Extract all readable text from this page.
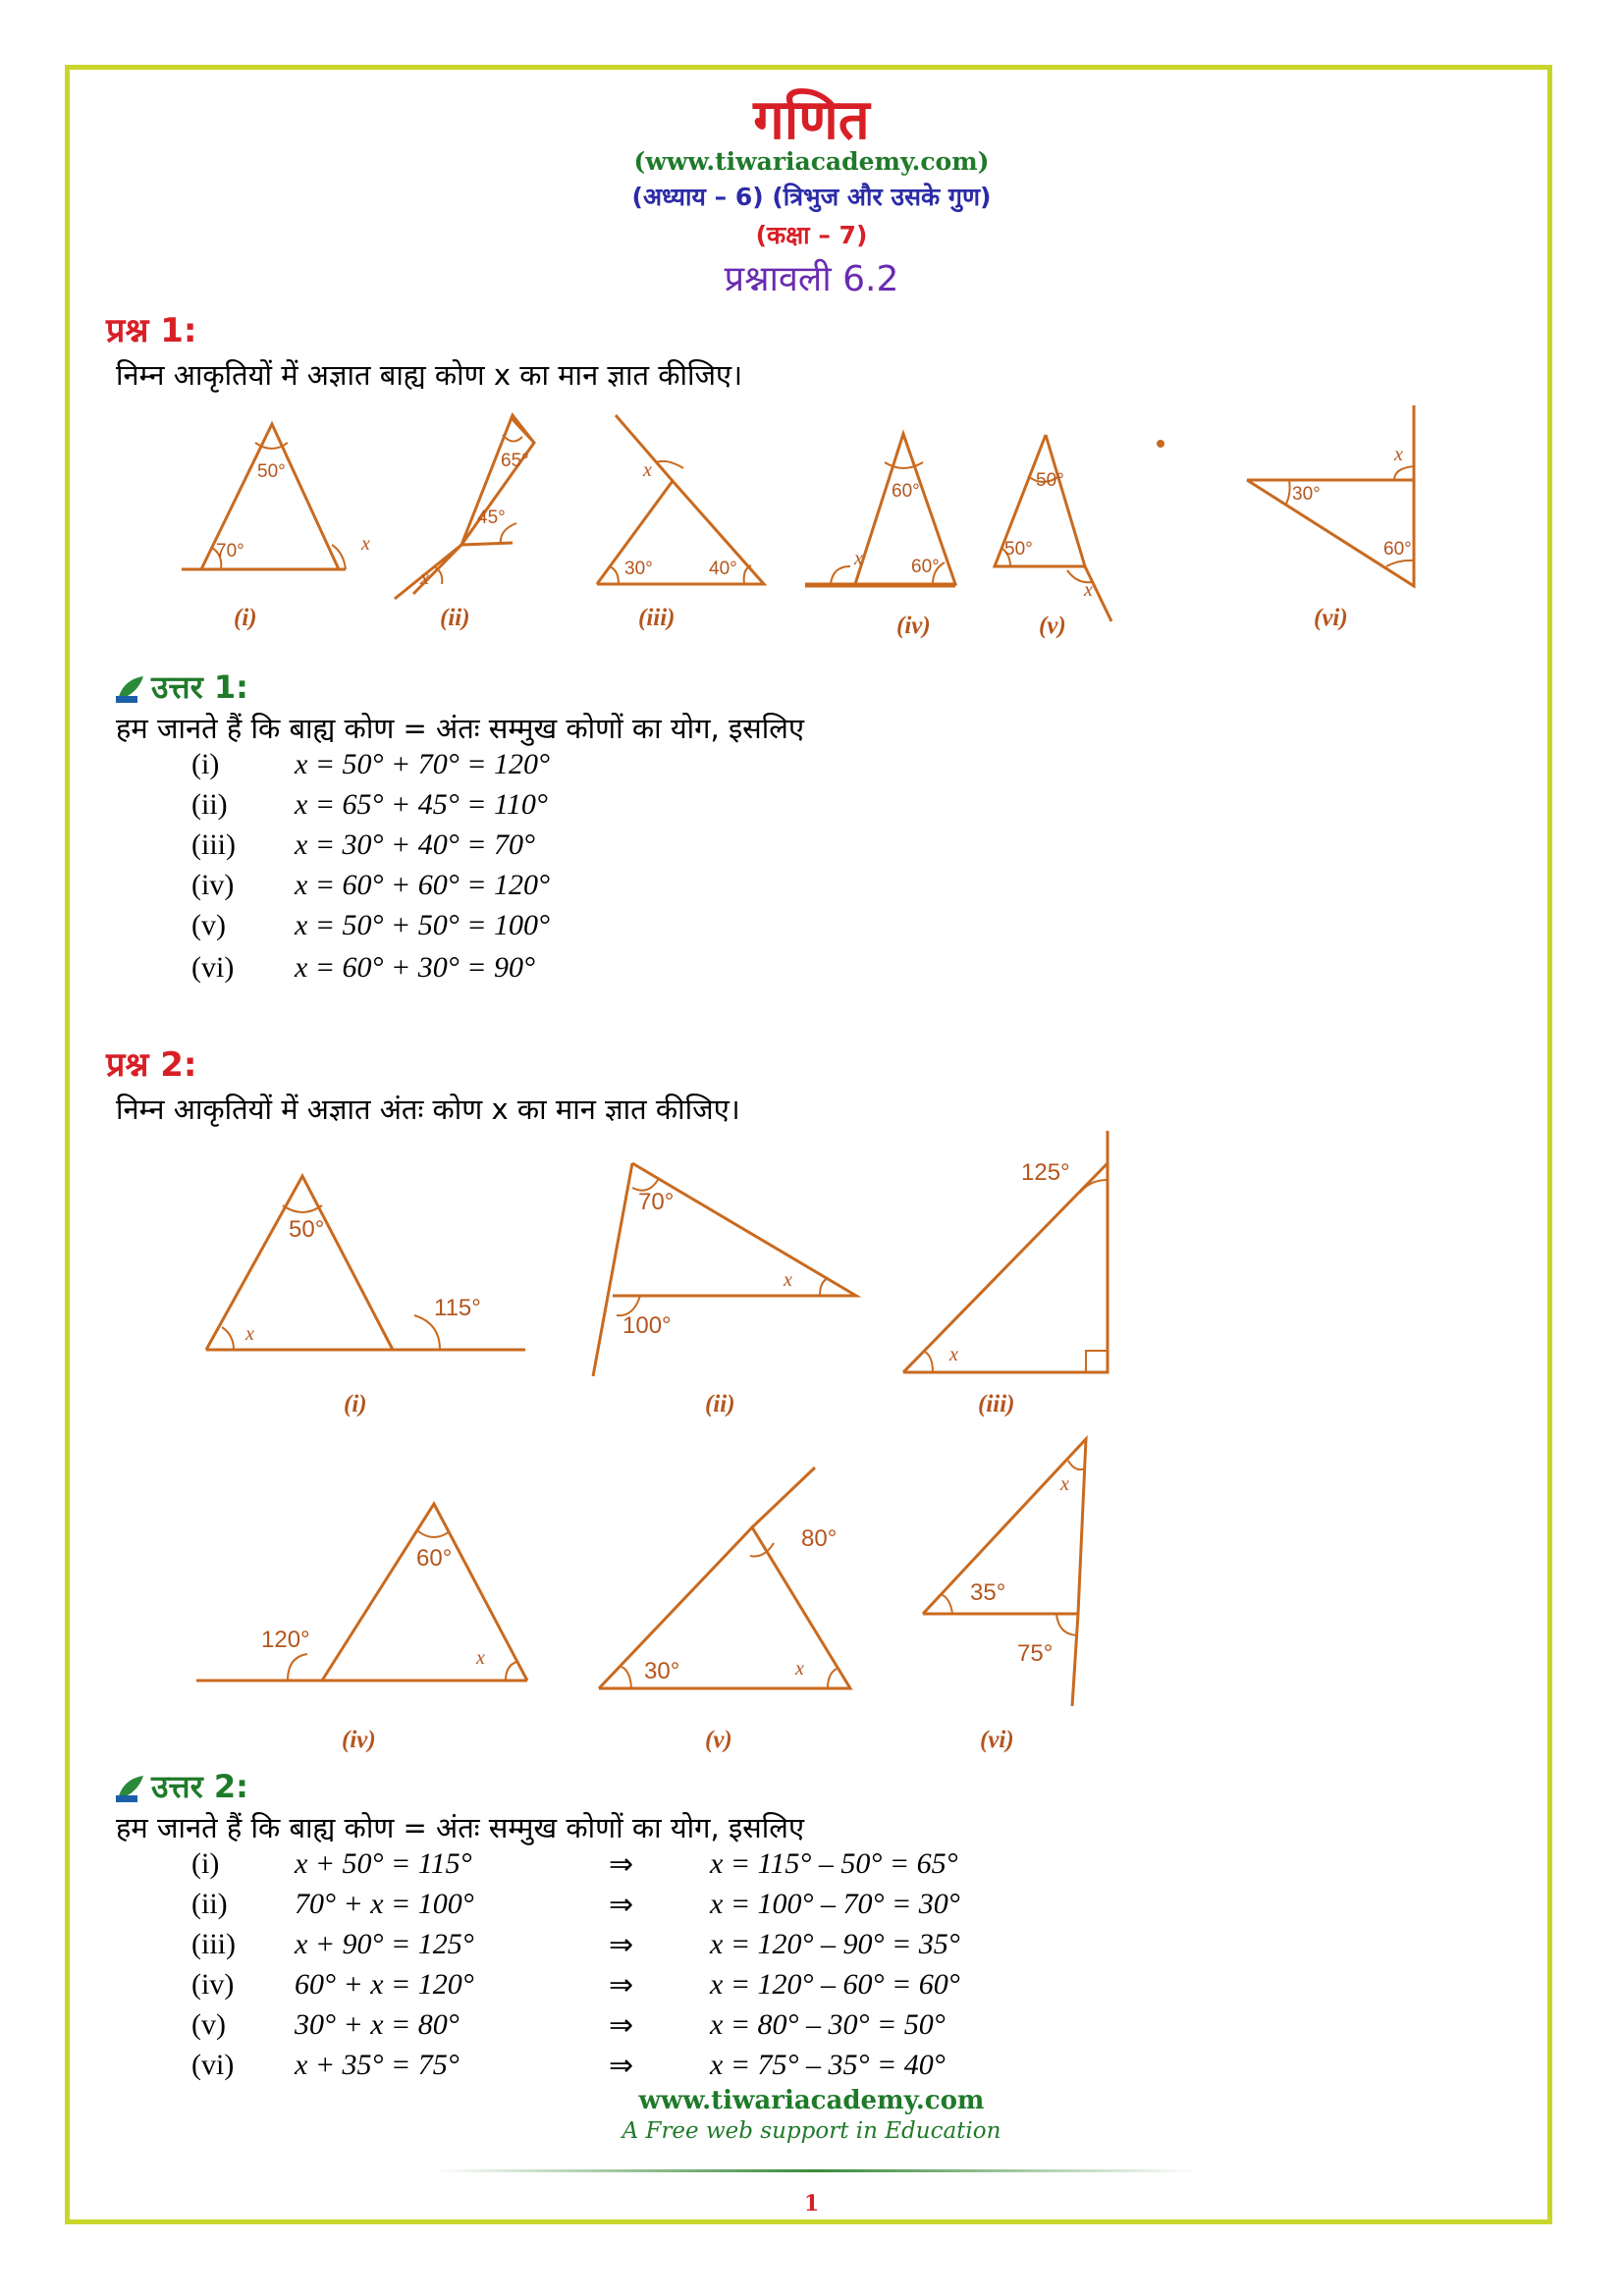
गणित
(www.tiwariacademy.com)
(अध्याय – 6) (त्रिभुज और उसके गुण)
(कक्षा – 7)
प्रश्नावली 6.2
प्रश्न 1:
निम्न आकृतियों में अज्ञात बाह्य कोण x का मान ज्ञात कीजिए।
50°
70°	x
(i)
65°
45°
x
(ii)
x
30°	40°
(iii)
60°
60°
x
(iv)
50°
50°
x
(v)
30°
60°
x
(vi)
उत्तर 1:
हम जानते हैं कि बाह्य कोण = अंतः सम्मुख कोणों का योग, इसलिए
(i)	x = 50° + 70° = 120°
(ii) x = 65° + 45° = 110°
(iii) x = 30° + 40° = 70°
(iv) x = 60° + 60° = 120°
(v) x = 50° + 50° = 100°
(vi) x = 60° + 30° = 90°
प्रश्न 2:
निम्न आकृतियों में अज्ञात अंतः कोण x का मान ज्ञात कीजिए।
50°
115°
x
(i)
70°
100°
x
(ii)
125°
x
(iii)
60°
120°
x
(iv)
80°
30°	x
(v)
35°
75°
x
(vi)
उत्तर 2:
हम जानते हैं कि बाह्य कोण = अंतः सम्मुख कोणों का योग, इसलिए
(i)	x + 50° = 115°	⇒	x = 115° – 50° = 65°
(ii) 70° + x = 100°	⇒	x = 100° – 70° = 30°
(iii) x + 90° = 125°	⇒	x = 120° – 90° = 35°
(iv) 60° + x = 120°	⇒	x = 120° – 60° = 60°
(v) 30° + x = 80°	⇒	x = 80° – 30° = 50°
(vi) x + 35° = 75°	⇒	x = 75° – 35° = 40°
www.tiwariacademy.com
A Free web support in Education
1
